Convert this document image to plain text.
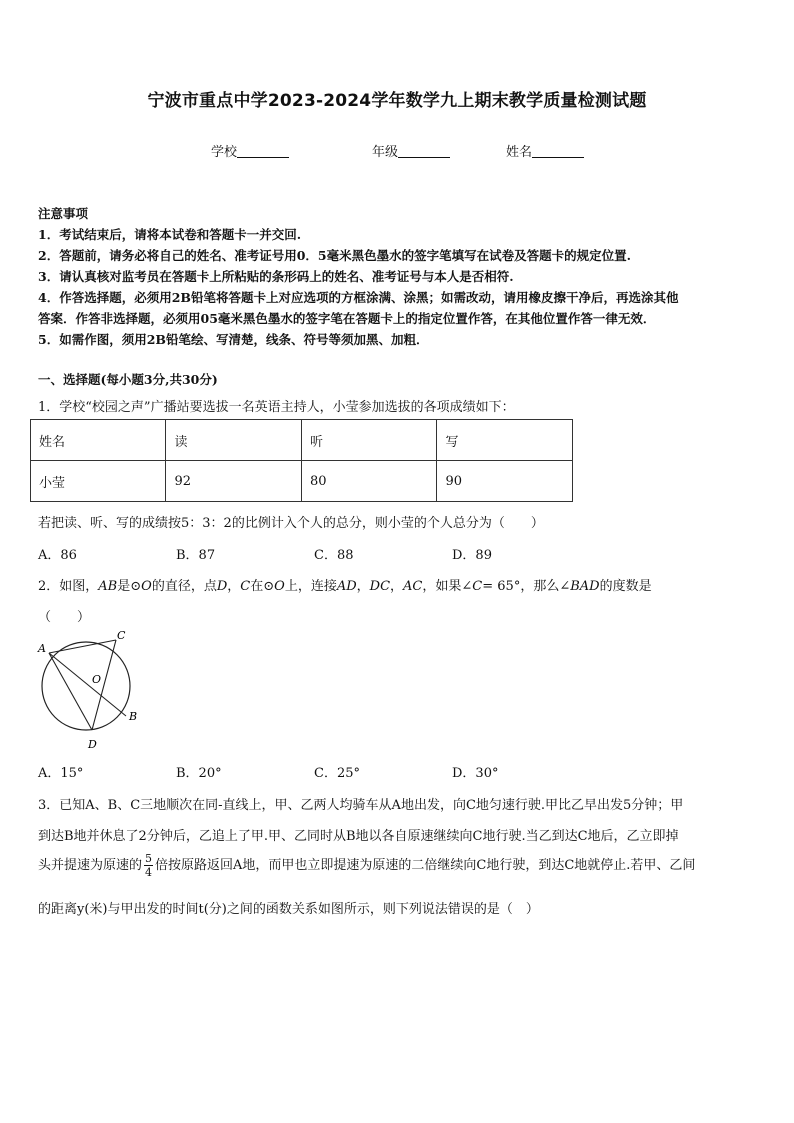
宁波市重点中学2023-2024学年数学九上期末教学质量检测试题
学校	年级	姓名
注意事项
1．考试结束后，请将本试卷和答题卡一并交回.
2．答题前，请务必将自己的姓名、准考证号用0．5毫米黑色墨水的签字笔填写在试卷及答题卡的规定位置.
3．请认真核对监考员在答题卡上所粘贴的条形码上的姓名、准考证号与本人是否相符.
4．作答选择题，必须用2B铅笔将答题卡上对应选项的方框涂满、涂黑；如需改动，请用橡皮擦干净后，再选涂其他
答案．作答非选择题，必须用05毫米黑色墨水的签字笔在答题卡上的指定位置作答，在其他位置作答一律无效．
5．如需作图，须用2B铅笔绘、写清楚，线条、符号等须加黑、加粗．
一、选择题(每小题3分,共30分)
1．学校“校园之声”广播站要选拔一名英语主持人，小莹参加选拔的各项成绩如下：
姓名	读	听	写
小莹	92	80	90
若把读、听、写的成绩按5：3：2的比例计入个人的总分，则小莹的个人总分为（　　）
A．86	B．87	C．88	D．89
2．如图，AB是⊙O的直径，点D，C在⊙O上，连接AD，DC，AC，如果∠C= 65°，那么∠BAD的度数是
（　　）
A
C
O
B
D
A．15°	B．20°	C．25°	D．30°
3．已知A、B、C三地顺次在同-直线上，甲、乙两人均骑车从A地出发，向C地匀速行驶.甲比乙早出发5分钟；甲
到达B地并休息了2分钟后，乙追上了甲.甲、乙同时从B地以各自原速继续向C地行驶.当乙到达C地后，乙立即掉
头并提速为原速的 $\frac{5}{4}$ 倍按原路返回A地，而甲也立即提速为原速的二倍继续向C地行驶，到达C地就停止.若甲、乙间
的距离y(米)与甲出发的时间t(分)之间的函数关系如图所示，则下列说法错误的是（　）
